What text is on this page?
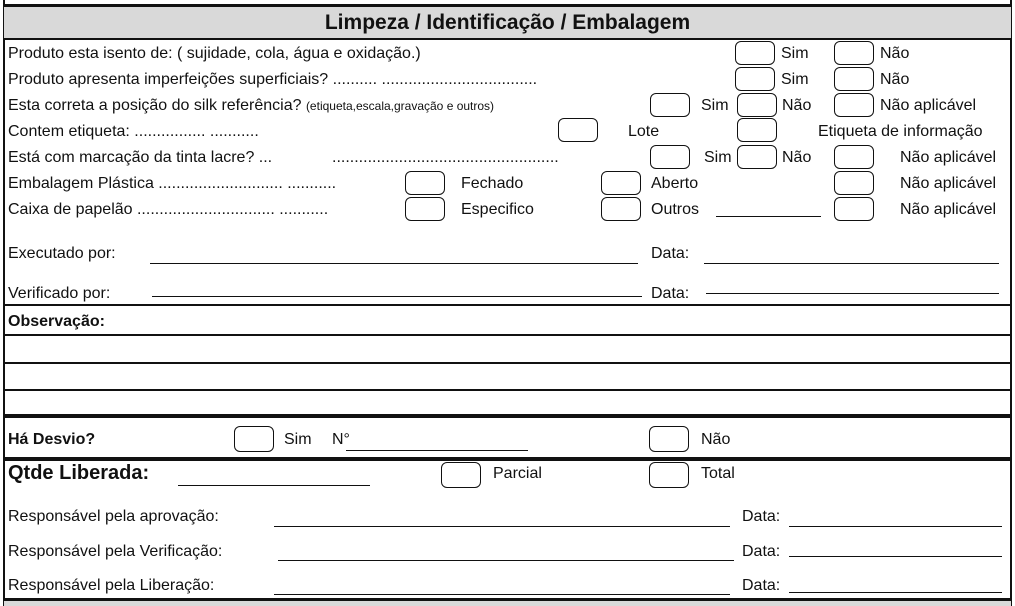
Limpeza / Identificação / Embalagem
Produto esta isento de: ( sujidade, cola, água e oxidação.)	Sim	Não
Produto apresenta imperfeições superficiais? .......... ...................................	Sim	Não
Esta correta a posição do silk referência? (etiqueta,escala,gravação e outros)	Sim	Não	Não aplicável
Contem etiqueta: ................ ...........	Lote	Etiqueta de informação
Está com marcação da tinta lacre? ...	...................................................	Sim	Não	Não aplicável
Embalagem Plástica ............................ ...........	Fechado	Aberto	Não aplicável
Caixa de papelão ............................... ...........	Especifico	Outros	Não aplicável
Executado por:	Data:
Verificado por:	Data:
Observação:
Há Desvio?	Sim N°	Não
Qtde Liberada:	Parcial	Total
Responsável pela aprovação:	Data:
Responsável pela Verificação:	Data:
Responsável pela Liberação:	Data:
